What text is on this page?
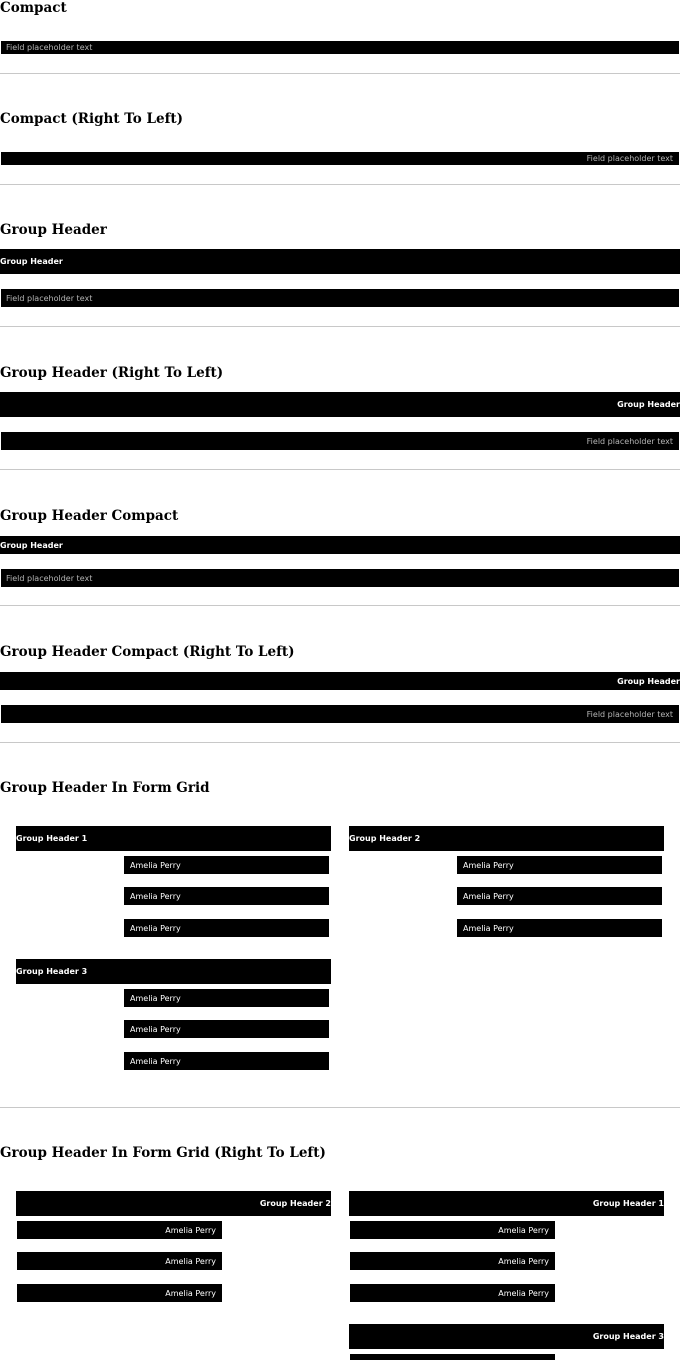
Compact
Field placeholder text
Compact (Right To Left)
Field placeholder text
Group Header
Group Header
Field placeholder text
Group Header (Right To Left)
Group Header
Field placeholder text
Group Header Compact
Group Header
Field placeholder text
Group Header Compact (Right To Left)
Group Header
Field placeholder text
Group Header In Form Grid
Group Header 1
Amelia Perry
Amelia Perry
Amelia Perry
Group Header 2
Amelia Perry
Amelia Perry
Amelia Perry
Group Header 3
Amelia Perry
Amelia Perry
Amelia Perry
Group Header In Form Grid (Right To Left)
Group Header 2
Amelia Perry
Amelia Perry
Amelia Perry
Group Header 1
Amelia Perry
Amelia Perry
Amelia Perry
Group Header 3
